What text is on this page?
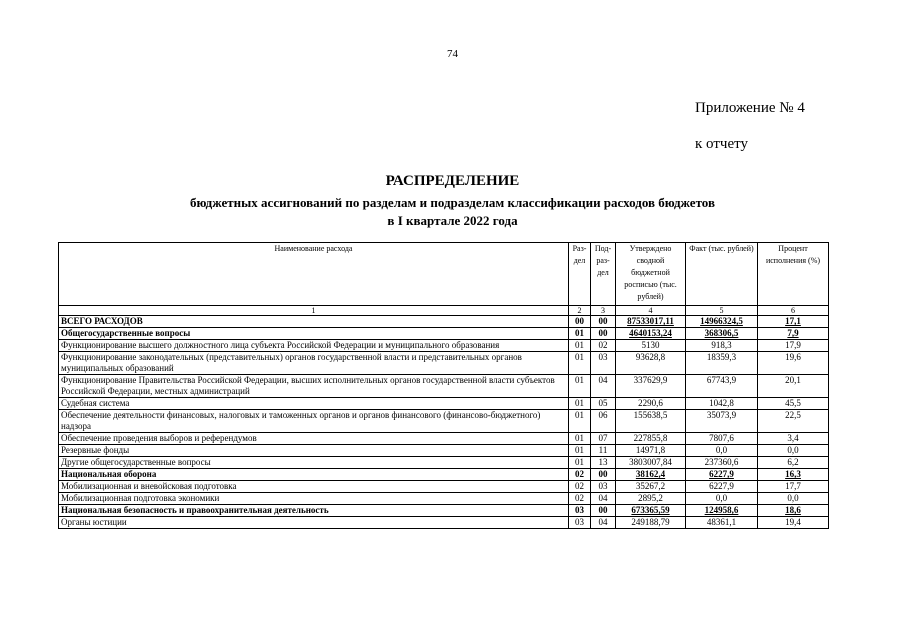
74
Приложение № 4
к отчету
РАСПРЕДЕЛЕНИЕ
бюджетных ассигнований по разделам и подразделам классификации расходов бюджетов
в I квартале 2022 года
Наименование расхода	Раз-дел	Под-раз-дел	Утверждено сводной бюджетной росписью (тыс. рублей)	Факт (тыс. рублей)	Процент исполнения (%)
1	2	3	4	5	6
ВСЕГО РАСХОДОВ	00	00	87533017,11	14966324,5	17,1
Общегосударственные вопросы	01	00	4640153,24	368306,5	7,9
Функционирование высшего должностного лица субъекта Российской Федерации и муниципального образования	01	02	5130	918,3	17,9
Функционирование законодательных (представительных) органов государственной власти и представительных органов муниципальных образований	01	03	93628,8	18359,3	19,6
Функционирование Правительства Российской Федерации, высших исполнительных органов государственной власти субъектов Российской Федерации, местных администраций	01	04	337629,9	67743,9	20,1
Судебная система	01	05	2290,6	1042,8	45,5
Обеспечение деятельности финансовых, налоговых и таможенных органов и органов финансового (финансово-бюджетного) надзора	01	06	155638,5	35073,9	22,5
Обеспечение проведения выборов и референдумов	01	07	227855,8	7807,6	3,4
Резервные фонды	01	11	14971,8	0,0	0,0
Другие общегосударственные вопросы	01	13	3803007,84	237360,6	6,2
Национальная оборона	02	00	38162,4	6227,9	16,3
Мобилизационная и вневойсковая подготовка	02	03	35267,2	6227,9	17,7
Мобилизационная подготовка экономики	02	04	2895,2	0,0	0,0
Национальная безопасность и правоохранительная деятельность	03	00	673365,59	124958,6	18,6
Органы юстиции	03	04	249188,79	48361,1	19,4
